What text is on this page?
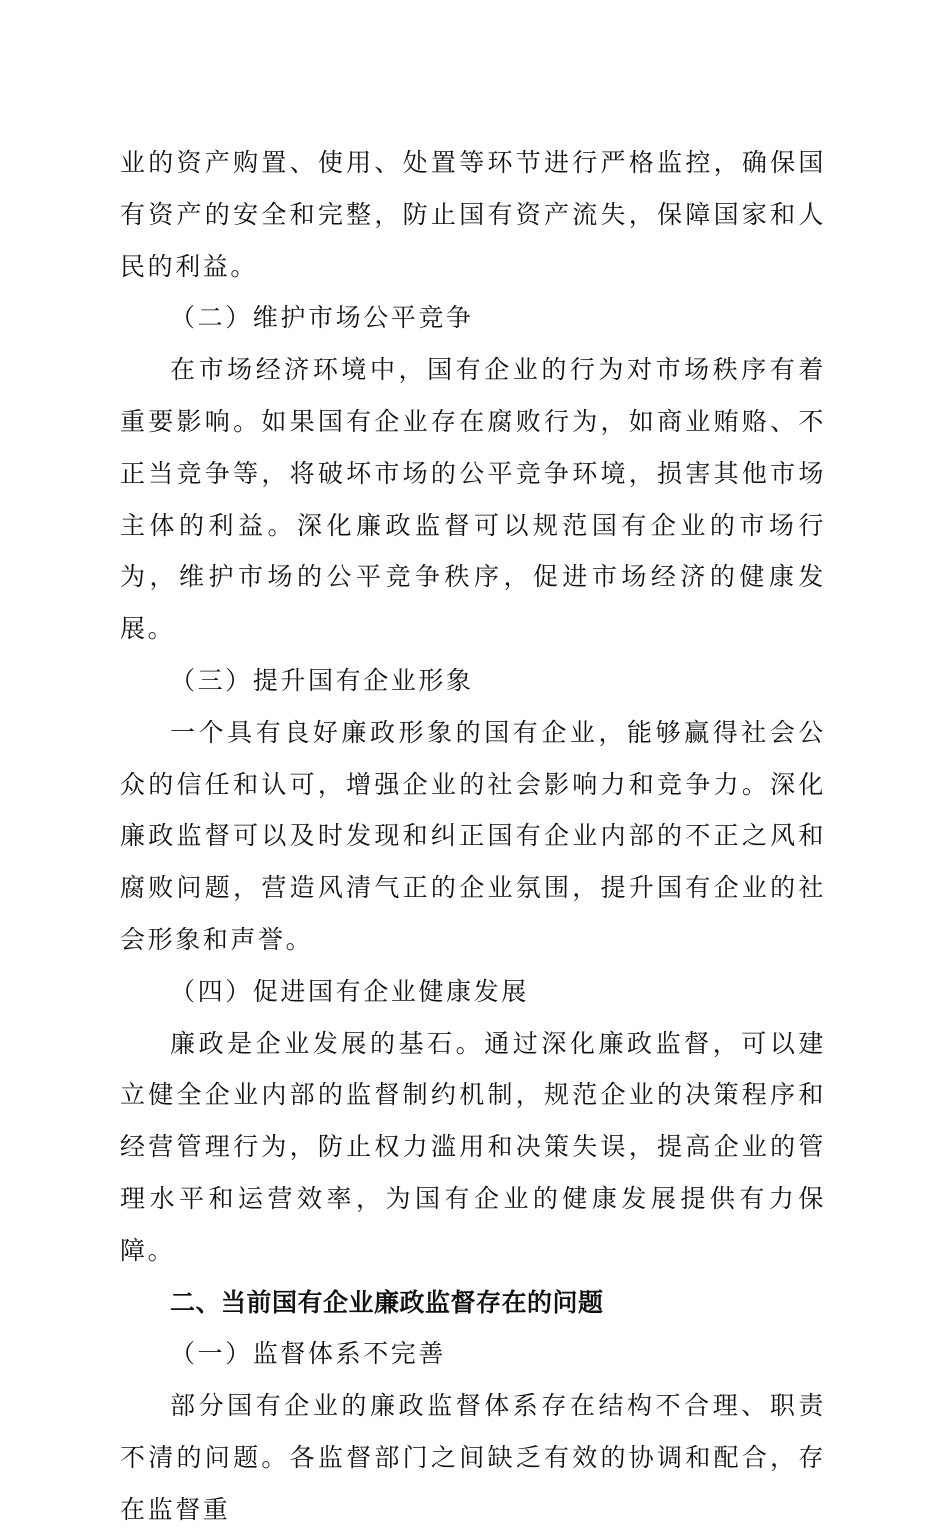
业的资产购置、使用、处置等环节进行严格监控，确保国有资产的安全和完整，防止国有资产流失，保障国家和人民的利益。

（二）维护市场公平竞争

在市场经济环境中，国有企业的行为对市场秩序有着重要影响。如果国有企业存在腐败行为，如商业贿赂、不正当竞争等，将破坏市场的公平竞争环境，损害其他市场主体的利益。深化廉政监督可以规范国有企业的市场行为，维护市场的公平竞争秩序，促进市场经济的健康发展。

（三）提升国有企业形象

一个具有良好廉政形象的国有企业，能够赢得社会公众的信任和认可，增强企业的社会影响力和竞争力。深化廉政监督可以及时发现和纠正国有企业内部的不正之风和腐败问题，营造风清气正的企业氛围，提升国有企业的社会形象和声誉。

（四）促进国有企业健康发展

廉政是企业发展的基石。通过深化廉政监督，可以建立健全企业内部的监督制约机制，规范企业的决策程序和经营管理行为，防止权力滥用和决策失误，提高企业的管理水平和运营效率，为国有企业的健康发展提供有力保障。

二、当前国有企业廉政监督存在的问题

（一）监督体系不完善

部分国有企业的廉政监督体系存在结构不合理、职责不清的问题。各监督部门之间缺乏有效的协调和配合，存在监督重
